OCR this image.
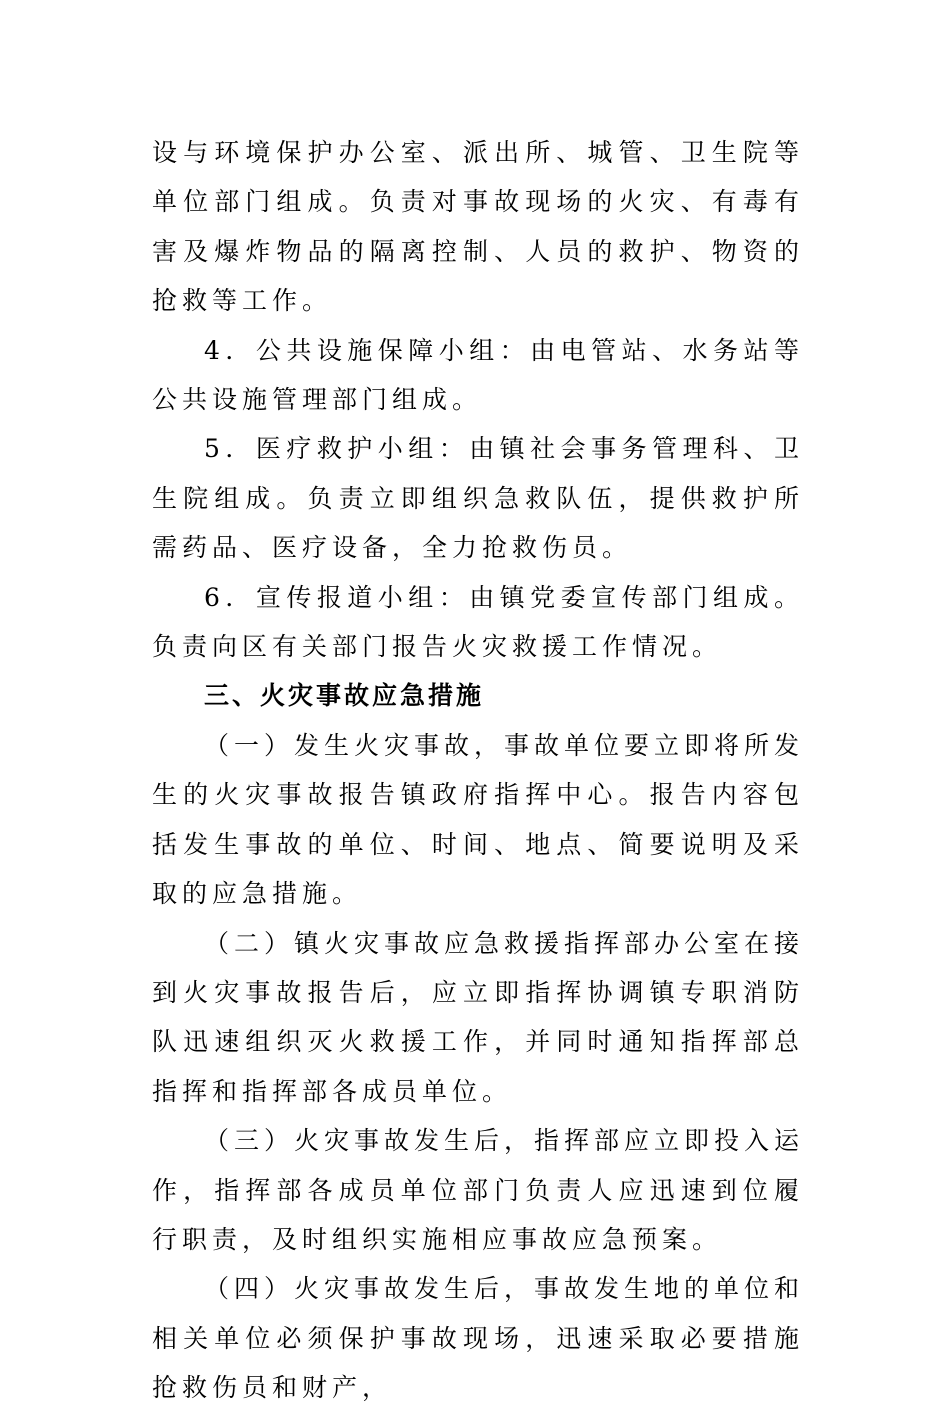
设与环境保护办公室、派出所、城管、卫生院等单位部门组成。负责对事故现场的火灾、有毒有害及爆炸物品的隔离控制、人员的救护、物资的抢救等工作。

4．公共设施保障小组：由电管站、水务站等公共设施管理部门组成。

5．医疗救护小组：由镇社会事务管理科、卫生院组成。负责立即组织急救队伍，提供救护所需药品、医疗设备，全力抢救伤员。

6．宣传报道小组：由镇党委宣传部门组成。负责向区有关部门报告火灾救援工作情况。

三、火灾事故应急措施

（一）发生火灾事故，事故单位要立即将所发生的火灾事故报告镇政府指挥中心。报告内容包括发生事故的单位、时间、地点、简要说明及采取的应急措施。

（二）镇火灾事故应急救援指挥部办公室在接到火灾事故报告后，应立即指挥协调镇专职消防队迅速组织灭火救援工作，并同时通知指挥部总指挥和指挥部各成员单位。

（三）火灾事故发生后，指挥部应立即投入运作，指挥部各成员单位部门负责人应迅速到位履行职责，及时组织实施相应事故应急预案。

（四）火灾事故发生后，事故发生地的单位和相关单位必须保护事故现场，迅速采取必要措施抢救伤员和财产，
